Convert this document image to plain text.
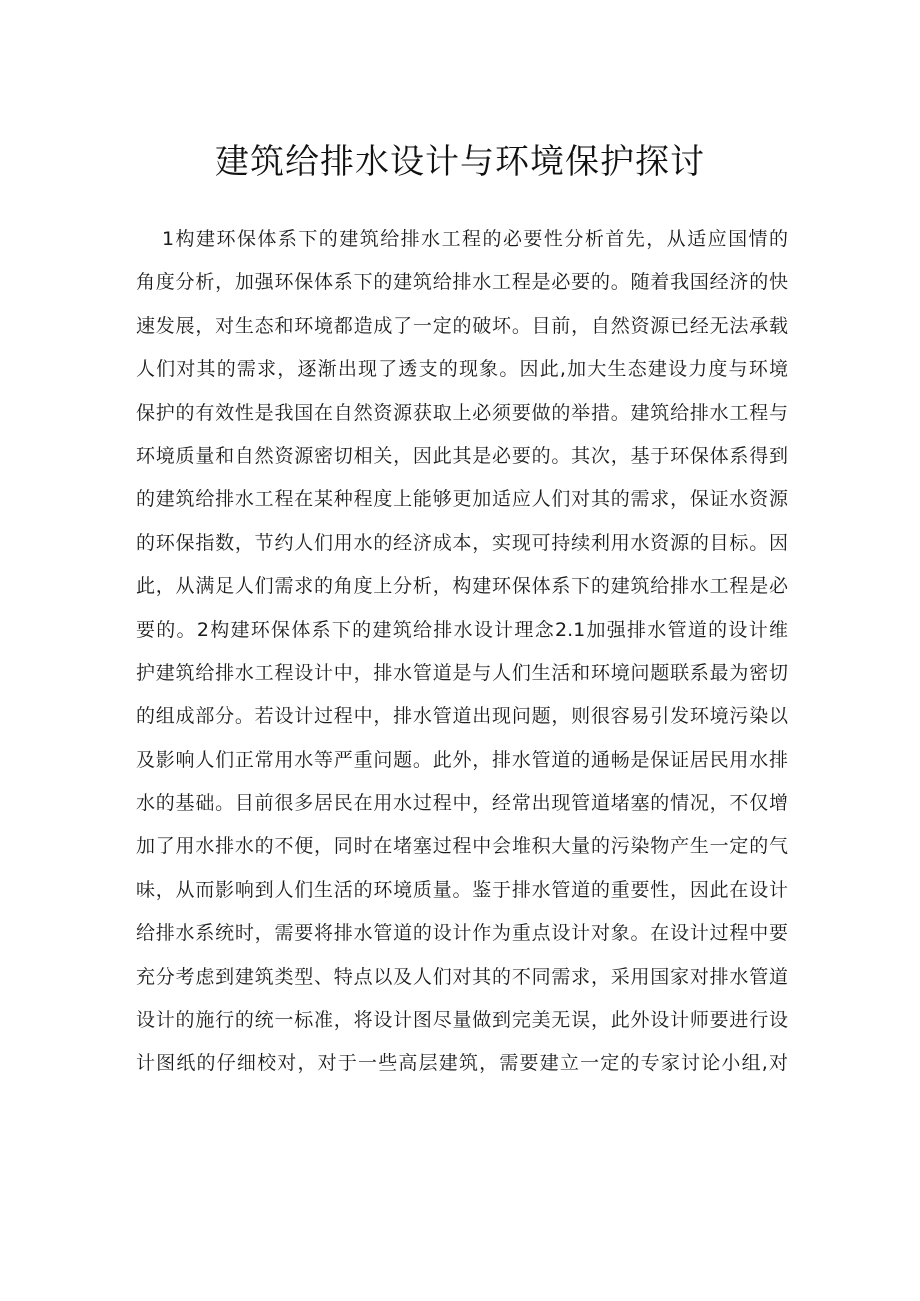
建筑给排水设计与环境保护探讨
1构建环保体系下的建筑给排水工程的必要性分析首先，从适应国情的
角度分析，加强环保体系下的建筑给排水工程是必要的。随着我国经济的快
速发展，对生态和环境都造成了一定的破坏。目前，自然资源已经无法承载
人们对其的需求，逐渐出现了透支的现象。因此,加大生态建设力度与环境
保护的有效性是我国在自然资源获取上必须要做的举措。建筑给排水工程与
环境质量和自然资源密切相关，因此其是必要的。其次，基于环保体系得到
的建筑给排水工程在某种程度上能够更加适应人们对其的需求，保证水资源
的环保指数，节约人们用水的经济成本，实现可持续利用水资源的目标。因
此，从满足人们需求的角度上分析，构建环保体系下的建筑给排水工程是必
要的。2构建环保体系下的建筑给排水设计理念2.1加强排水管道的设计维
护建筑给排水工程设计中，排水管道是与人们生活和环境问题联系最为密切
的组成部分。若设计过程中，排水管道出现问题，则很容易引发环境污染以
及影响人们正常用水等严重问题。此外，排水管道的通畅是保证居民用水排
水的基础。目前很多居民在用水过程中，经常出现管道堵塞的情况，不仅增
加了用水排水的不便，同时在堵塞过程中会堆积大量的污染物产生一定的气
味，从而影响到人们生活的环境质量。鉴于排水管道的重要性，因此在设计
给排水系统时，需要将排水管道的设计作为重点设计对象。在设计过程中要
充分考虑到建筑类型、特点以及人们对其的不同需求，采用国家对排水管道
设计的施行的统一标准，将设计图尽量做到完美无误，此外设计师要进行设
计图纸的仔细校对，对于一些高层建筑，需要建立一定的专家讨论小组,对
